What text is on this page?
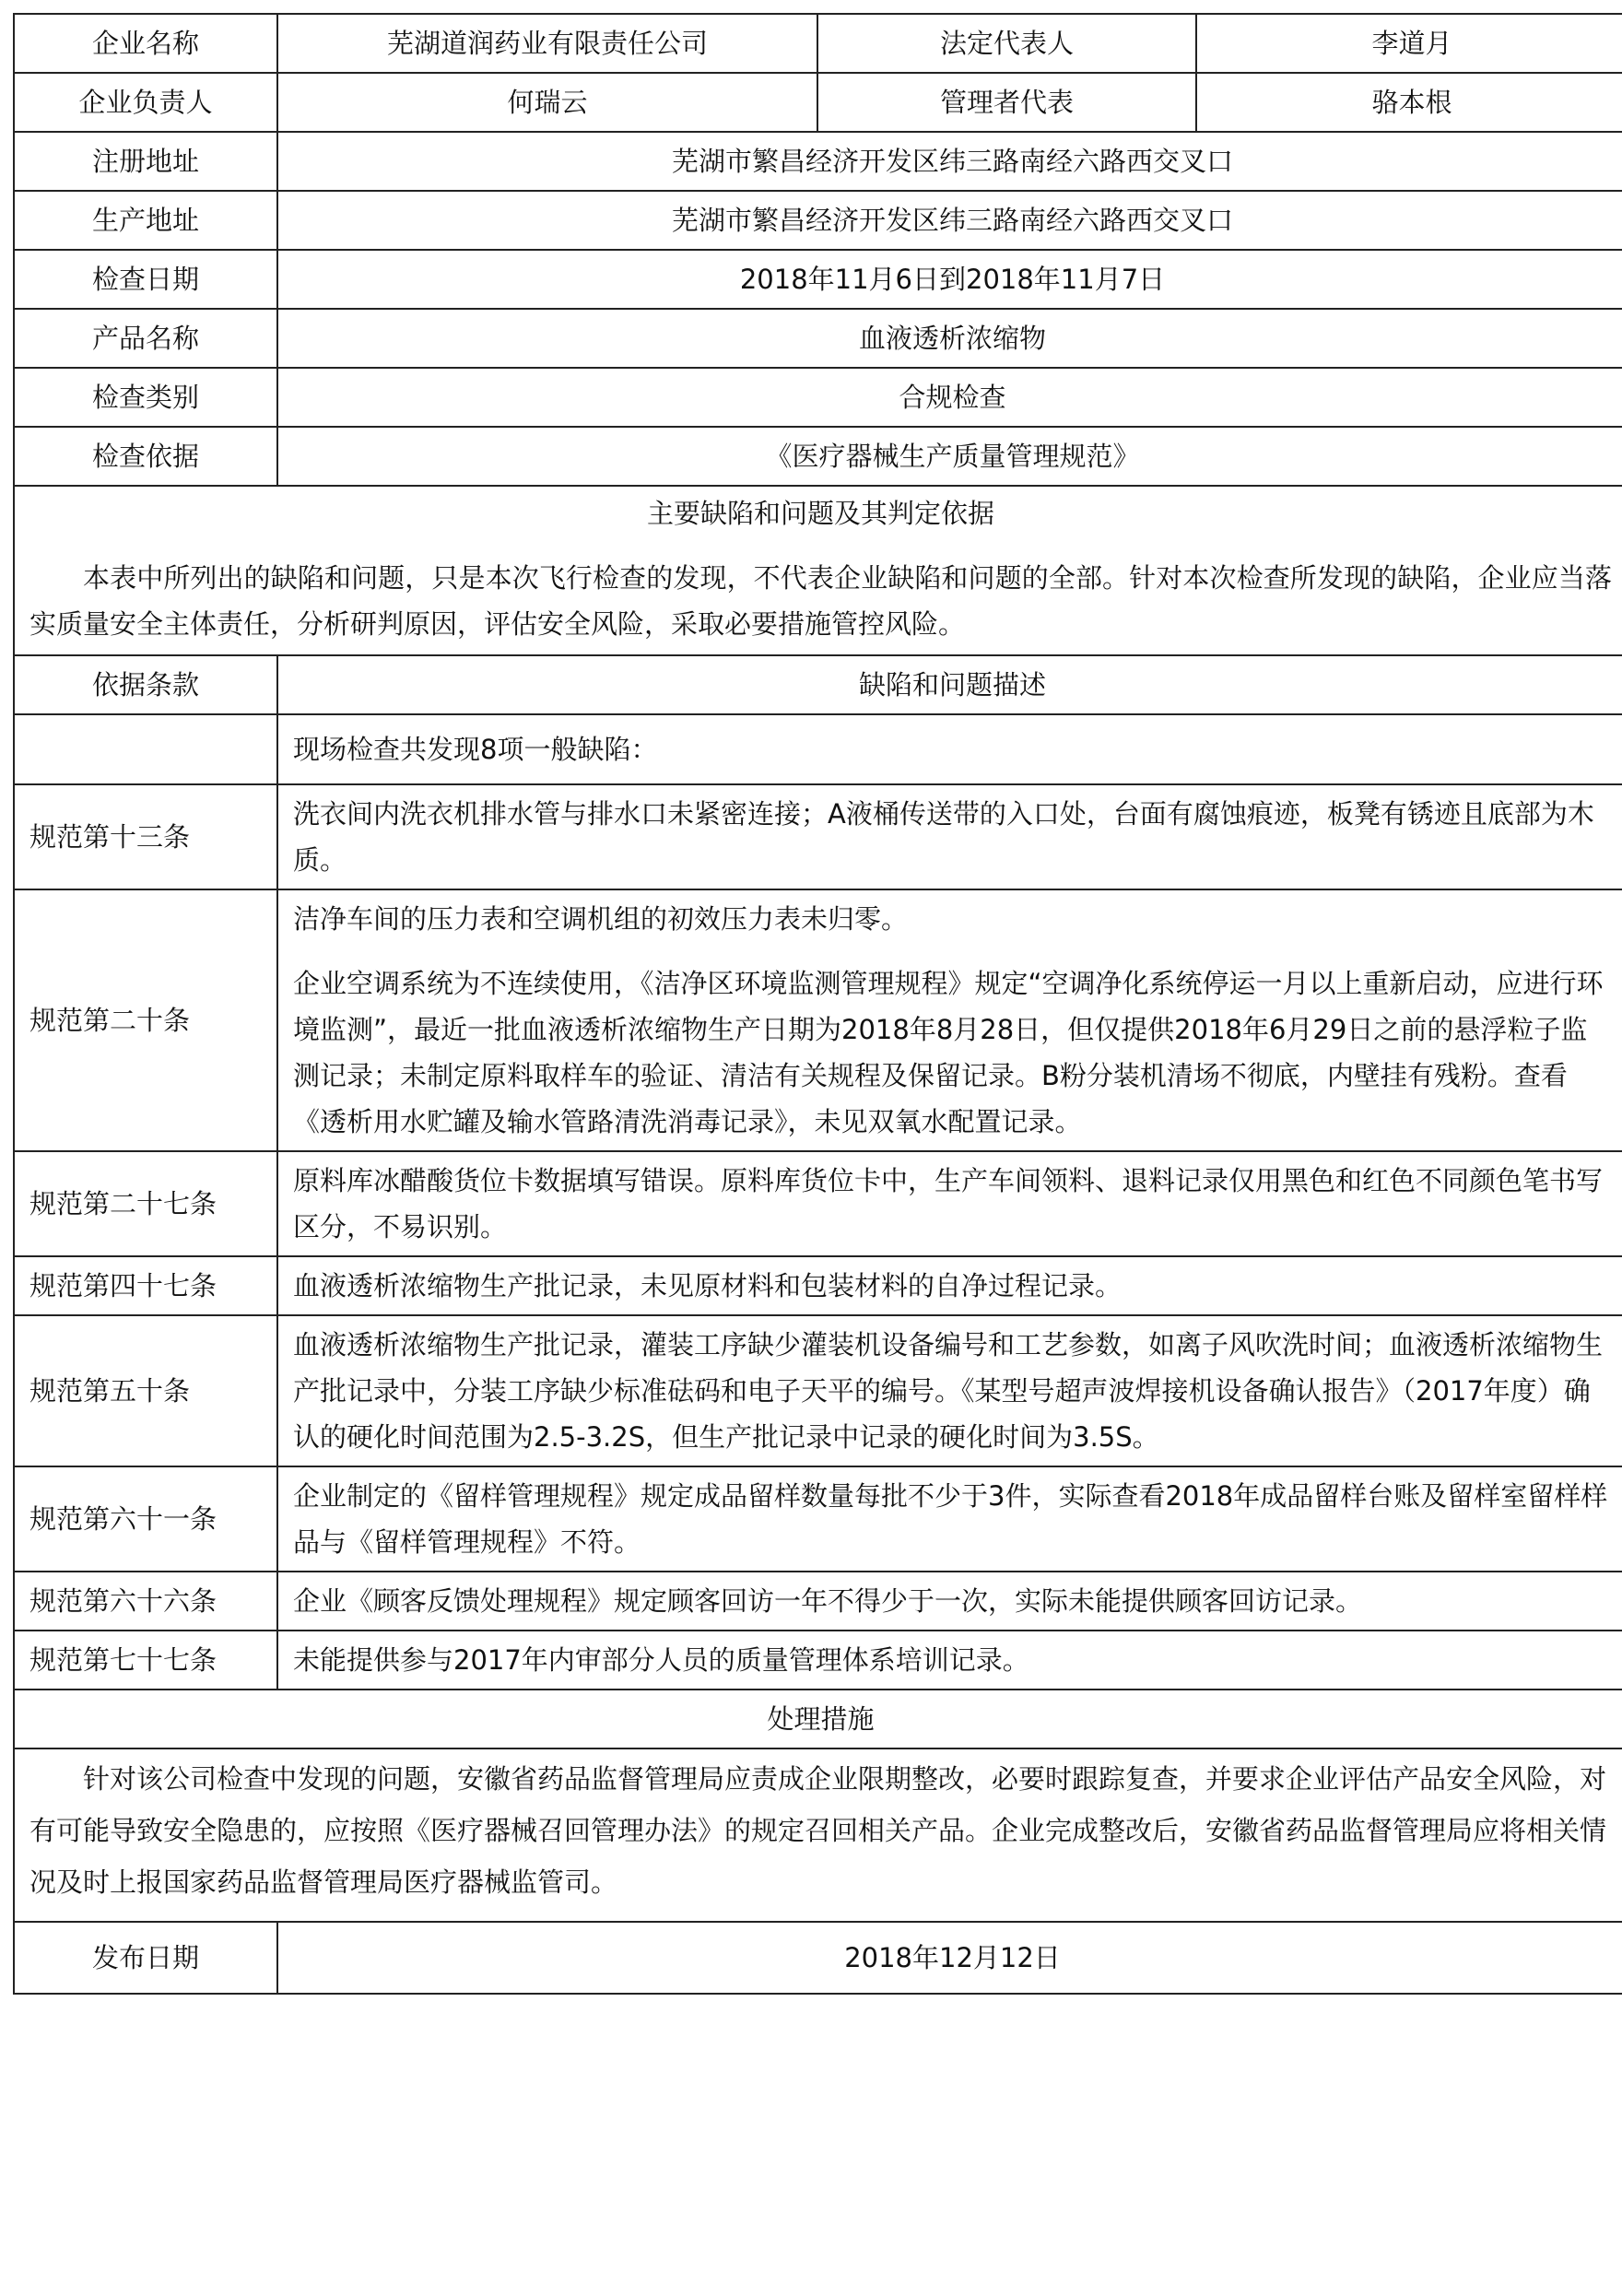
企业名称	芜湖道润药业有限责任公司	法定代表人	李道月
企业负责人	何瑞云	管理者代表	骆本根
注册地址	芜湖市繁昌经济开发区纬三路南经六路西交叉口		
生产地址	芜湖市繁昌经济开发区纬三路南经六路西交叉口		
检查日期	2018年11月6日到2018年11月7日		
产品名称	血液透析浓缩物		
检查类别	合规检查		
检查依据	《医疗器械生产质量管理规范》		

主要缺陷和问题及其判定依据
本表中所列出的缺陷和问题，只是本次飞行检查的发现，不代表企业缺陷和问题的全部。针对本次检查所发现的缺陷，企业应当落实质量安全主体责任，分析研判原因，评估安全风险，采取必要措施管控风险。			

依据条款	缺陷和问题描述		
	现场检查共发现8项一般缺陷：		
规范第十三条	洗衣间内洗衣机排水管与排水口未紧密连接；A液桶传送带的入口处，台面有腐蚀痕迹，板凳有锈迹且底部为木质。		

规范第二十条	洁净车间的压力表和空调机组的初效压力表未归零。
企业空调系统为不连续使用，《洁净区环境监测管理规程》规定“空调净化系统停运一月以上重新启动，应进行环境监测”，最近一批血液透析浓缩物生产日期为2018年8月28日，但仅提供2018年6月29日之前的悬浮粒子监测记录；未制定原料取样车的验证、清洁有关规程及保留记录。B粉分装机清场不彻底，内壁挂有残粉。查看《透析用水贮罐及输水管路清洗消毒记录》，未见双氧水配置记录。		

规范第二十七条	原料库冰醋酸货位卡数据填写错误。原料库货位卡中，生产车间领料、退料记录仅用黑色和红色不同颜色笔书写区分，不易识别。		

规范第四十七条	血液透析浓缩物生产批记录，未见原材料和包装材料的自净过程记录。		

规范第五十条	血液透析浓缩物生产批记录，灌装工序缺少灌装机设备编号和工艺参数，如离子风吹洗时间；血液透析浓缩物生产批记录中，分装工序缺少标准砝码和电子天平的编号。《某型号超声波焊接机设备确认报告》（2017年度）确认的硬化时间范围为2.5-3.2S，但生产批记录中记录的硬化时间为3.5S。		

规范第六十一条	企业制定的《留样管理规程》规定成品留样数量每批不少于3件，实际查看2018年成品留样台账及留样室留样样品与《留样管理规程》不符。		

规范第六十六条	企业《顾客反馈处理规程》规定顾客回访一年不得少于一次，实际未能提供顾客回访记录。		

规范第七十七条	未能提供参与2017年内审部分人员的质量管理体系培训记录。		

处理措施			
针对该公司检查中发现的问题，安徽省药品监督管理局应责成企业限期整改，必要时跟踪复查，并要求企业评估产品安全风险，对有可能导致安全隐患的，应按照《医疗器械召回管理办法》的规定召回相关产品。企业完成整改后，安徽省药品监督管理局应将相关情况及时上报国家药品监督管理局医疗器械监管司。			
发布日期	2018年12月12日		
